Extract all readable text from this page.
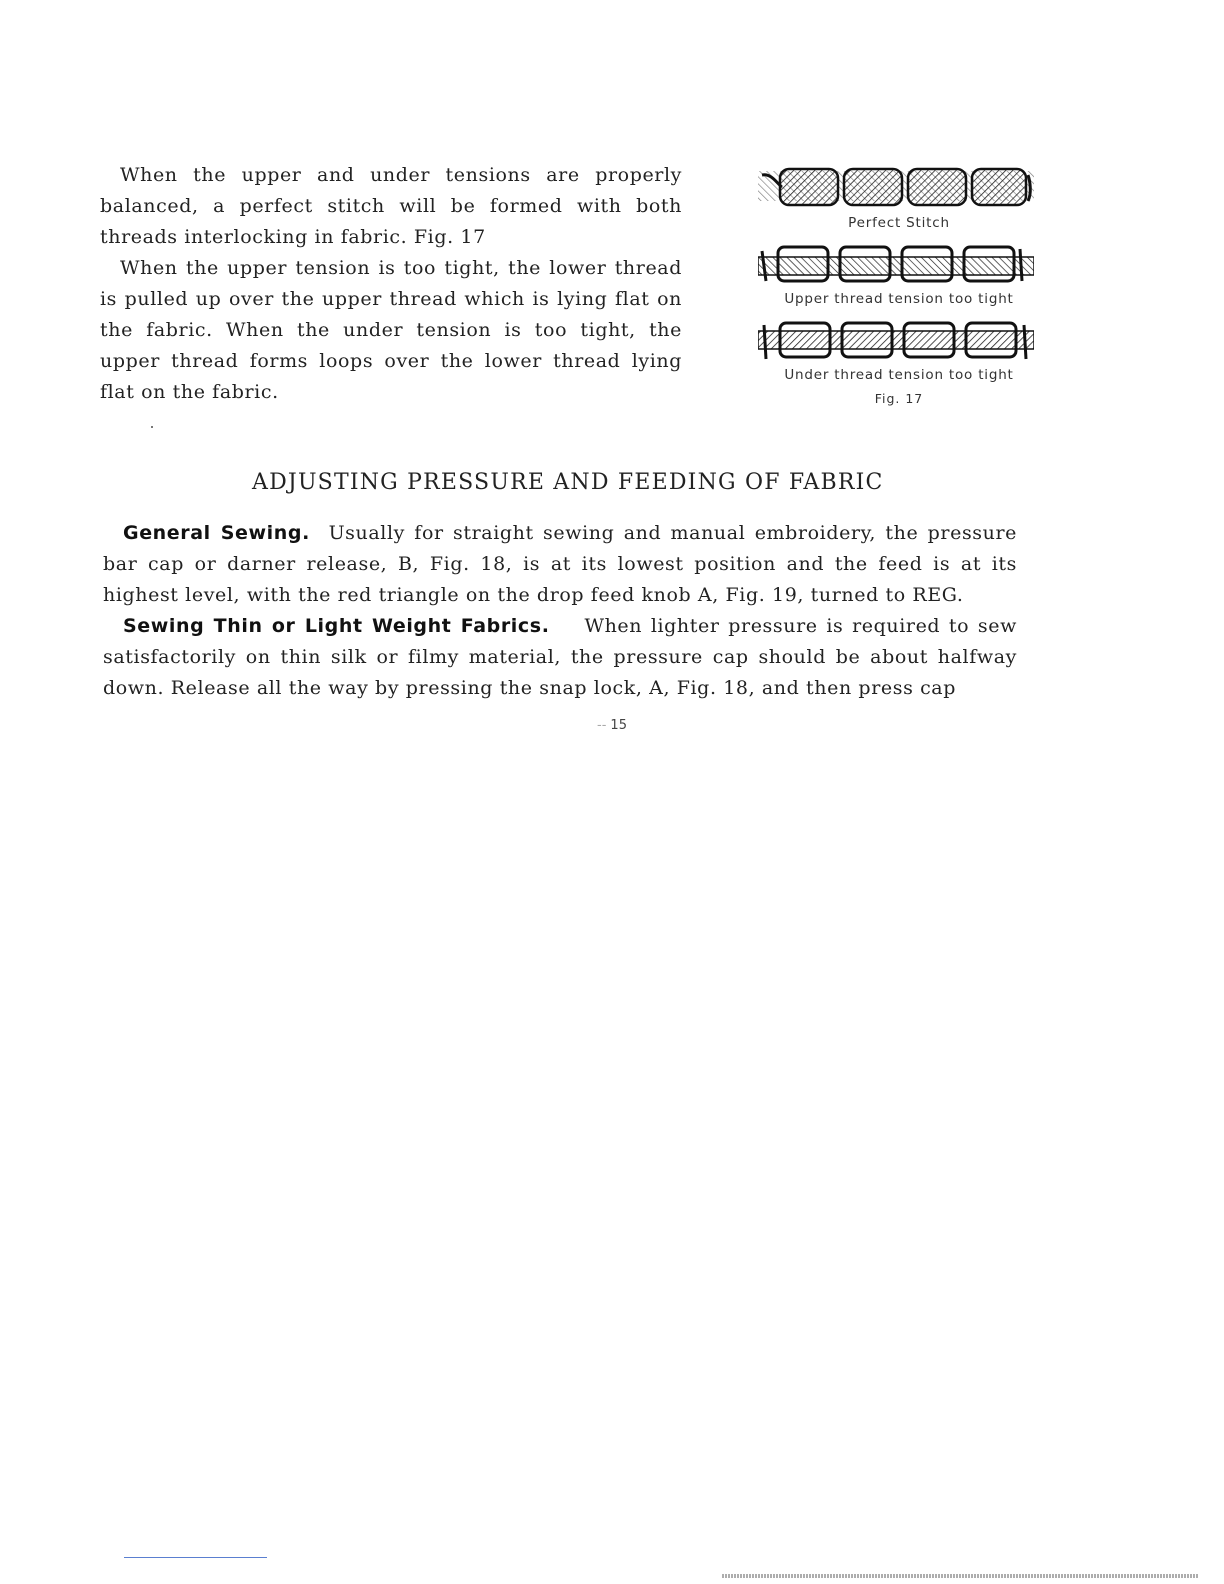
When the upper and under tensions are properly balanced, a perfect stitch will be formed with both threads interlocking in fabric. Fig. 17

When the upper tension is too tight, the lower thread is pulled up over the upper thread which is lying flat on the fabric. When the under tension is too tight, the upper thread forms loops over the lower thread lying flat on the fabric.

Perfect Stitch
Upper thread tension too tight
Under thread tension too tight
Fig. 17
ADJUSTING PRESSURE AND FEEDING OF FABRIC

General Sewing. Usually for straight sewing and manual embroidery, the pressure bar cap or darner release, B, Fig. 18, is at its lowest position and the feed is at its highest level, with the red triangle on the drop feed knob A, Fig. 19, turned to REG.

Sewing Thin or Light Weight Fabrics. When lighter pressure is required to sew satisfactorily on thin silk or filmy material, the pressure cap should be about halfway down. Release all the way by pressing the snap lock, A, Fig. 18, and then press cap

-- 15
